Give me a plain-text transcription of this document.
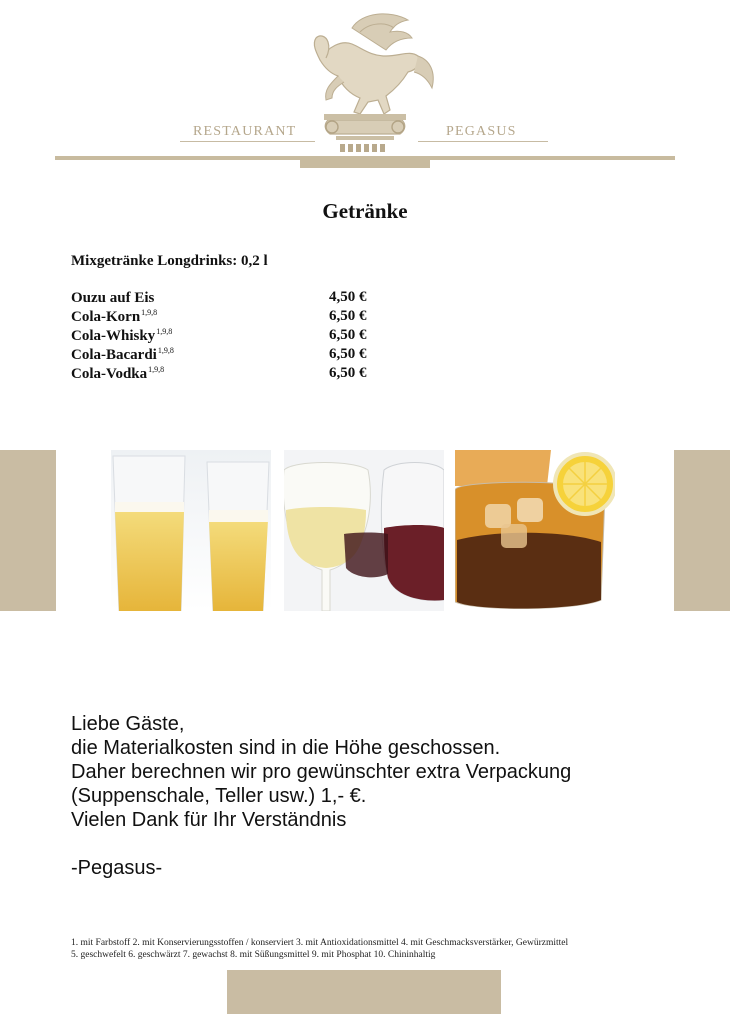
RESTAURANT	PEGASUS
Getränke
Mixgetränke Longdrinks: 0,2 l
Ouzu auf Eis	4,50 €
Cola-Korn$^{1,9,8}$	6,50 €
Cola-Whisky$^{1,9,8}$	6,50 €
Cola-Bacardi$^{1,9,8}$	6,50 €
Cola-Vodka$^{1,9,8}$	6,50 €
Liebe Gäste,
die Materialkosten sind in die Höhe geschossen.
Daher berechnen wir pro gewünschter extra Verpackung
(Suppenschale, Teller usw.) 1,- €.
Vielen Dank für Ihr Verständnis
-Pegasus-
1. mit Farbstoff 2. mit Konservierungsstoffen / konserviert 3. mit Antioxidationsmittel 4. mit Geschmacksverstärker, Gewürzmittel
5. geschwefelt 6. geschwärzt 7. gewachst 8. mit Süßungsmittel 9. mit Phosphat 10. Chininhaltig
